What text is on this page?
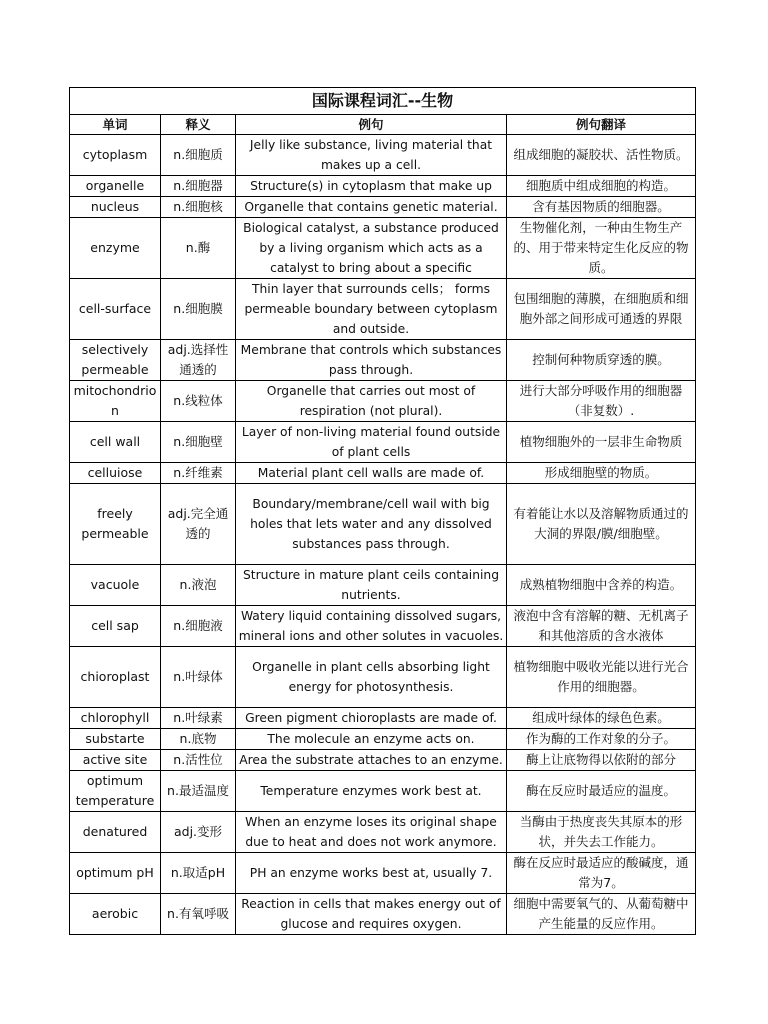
国际课程词汇--生物			
单词	释义	例句	例句翻译
cytoplasm	n.细胞质	Jelly like substance, living material that makes up a cell.	组成细胞的凝胶状、活性物质。
organelle	n.细胞器	Structure(s) in cytoplasm that make up	细胞质中组成细胞的构造。
nucleus	n.细胞核	Organelle that contains genetic material.	含有基因物质的细胞器。
enzyme	n.酶	Biological catalyst, a substance produced by a living organism which acts as a catalyst to bring about a specific	生物催化剂，一种由生物生产的、用于带来特定生化反应的物质。
cell-surface	n.细胞膜	Thin layer that surrounds cells； forms permeable boundary between cytoplasm and outside.	包围细胞的薄膜，在细胞质和细胞外部之间形成可通透的界限
selectively permeable	adj.选择性通透的	Membrane that controls which substances pass through.	控制何种物质穿透的膜。
mitochondrion	n.线粒体	Organelle that carries out most of respiration (not plural).	进行大部分呼吸作用的细胞器（非复数）.
cell wall	n.细胞壁	Layer of non-living material found outside of plant cells	植物细胞外的一层非生命物质
celluiose	n.纤维素	Material plant cell walls are made of.	形成细胞壁的物质。
freely permeable	adj.完全通透的	Boundary/membrane/cell wail with big holes that lets water and any dissolved substances pass through.	有着能让水以及溶解物质通过的大洞的界限/膜/细胞壁。
vacuole	n.液泡	Structure in mature plant ceils containing nutrients.	成熟植物细胞中含养的构造。
cell sap	n.细胞液	Watery liquid containing dissolved sugars, mineral ions and other solutes in vacuoles.	液泡中含有溶解的糖、无机离子和其他溶质的含水液体
chioroplast	n.叶绿体	Organelle in plant cells absorbing light energy for photosynthesis.	植物细胞中吸收光能以进行光合作用的细胞器。
chlorophyll	n.叶绿素	Green pigment chioroplasts are made of.	组成叶绿体的绿色色素。
substarte	n.底物	The molecule an enzyme acts on.	作为酶的工作对象的分子。
active site	n.活性位	Area the substrate attaches to an enzyme.	酶上让底物得以依附的部分
optimum temperature	n.最适温度	Temperature enzymes work best at.	酶在反应时最适应的温度。
denatured	adj.变形	When an enzyme loses its original shape due to heat and does not work anymore.	当酶由于热度丧失其原本的形状，并失去工作能力。
optimum pH	n.取适pH	PH an enzyme works best at, usually 7.	酶在反应时最适应的酸碱度，通常为7。
aerobic	n.有氧呼吸	Reaction in cells that makes energy out of glucose and requires oxygen.	细胞中需要氧气的、从葡萄糖中产生能量的反应作用。
